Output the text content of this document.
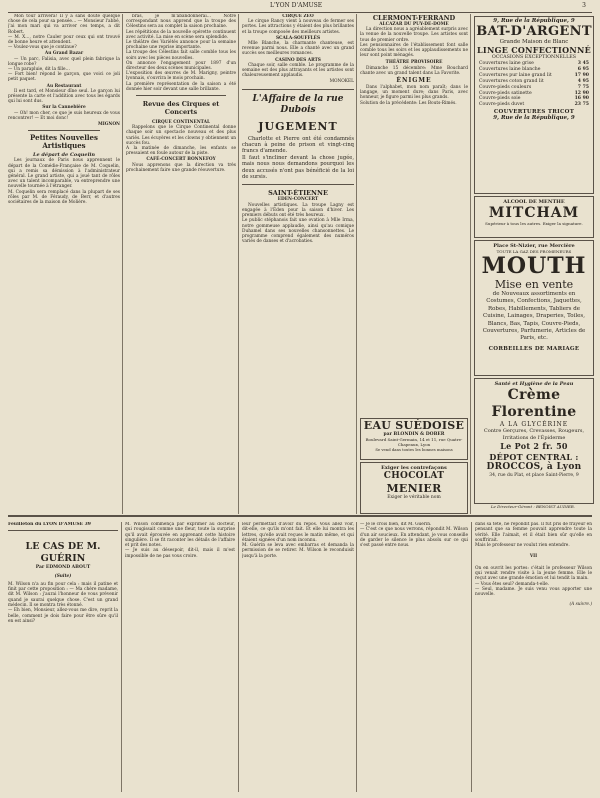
L'YON D'AMUSE	3

Mon tour arrivera! Il y a sans doute quelque chose de cela pour sa pensée… — Monsieur l'abbé, j'ai mon mari qui va arriver ces temps, a dit Robert.
— M. X…, notre Cauler pour ceux qui ont trouvé de bonne heure et attendent.
— Voulez-vous que je continue?

Au Grand Bazar

— Un parc, Falisia, avec quel plein fabrique la longue robe?
— Un parapluie, dit la fille…
— Fort bien! répond le garçon, que voici ce joli petit paquet.

Au Restaurant

Il est tard, et Monsieur dîne seul. Le garçon lui présente la carte et l'addition avec tous les égards qui lui sont dus.

Sur la Cannebière

— Oh! mon cher, ce que je suis heureux de vous rencontrer! — Et moi donc!

MIGNON
Petites Nouvelles Artistiques
Le départ de Coquelin

Les journaux de Paris nous apprennent le départ de la Comédie-Française de M. Coquelin, qui a remis sa démission à l'administrateur général. Le grand artiste, qui a joué tant de rôles avec un talent incomparable, va entreprendre une nouvelle tournée à l'étranger.
M. Coquelin sera remplacé dans la plupart de ses rôles par M. de Féraudy, de Berr, et d'autres sociétaires de la maison de Molière.

bras, je m'abandonnerai… Notre correspondant nous apprend que la troupe des Célestins sera au complet la saison prochaine.
Les répétitions de la nouvelle opérette continuent avec activité. La mise en scène sera splendide.
Le théâtre des Variétés annonce pour la semaine prochaine une reprise importante.
La troupe des Célestins fait salle comble tous les soirs avec les pièces nouvelles.
On annonce l'engagement pour 1897 d'un directeur des deux scènes municipales.
L'exposition des œuvres de M. Marigny, peintre lyonnais, s'ouvrira le mois prochain.
La première représentation de la saison a été donnée hier soir devant une salle brillante.

Revue des Cirques et Concerts
CIRQUE CONTINENTAL

Rappelons que le Cirque Continental donne chaque soir un spectacle nouveau et des plus variés. Les écuyères et les clowns y obtiennent un succès fou.
A la matinée de dimanche, les enfants se pressaient en foule autour de la piste.

CAFÉ-CONCERT BONNEFOY

Nous apprenons que la direction va très prochainement faire une grande réouverture.

CIRQUE ZÉO

Le cirque Rancy vient à nouveau de fermer ses portes. Les attractions y étaient des plus brillantes et la troupe composée des meilleurs artistes.

SCALA-SOUFFLÉS

Mlle Blanche, la charmante chanteuse, est revenue parmi nous. Elle a chanté avec un grand succès ses meilleures romances.

CASINO DES ARTS

Chaque soir, salle comble. Le programme de la semaine est des plus attrayants et les artistes sont chaleureusement applaudis.

MONOKEL
L'Affaire de la rue Dubois
JUGEMENT

Charlotte et Pierre ont été condamnés chacun à peine de prison et vingt-cinq francs d'amende.
Il faut s'incliner devant la chose jugée, mais nous nous demandons pourquoi les deux accusés n'ont pas bénéficié de la loi de sursis.

SAINT-ÉTIENNE
EDEN-CONCERT

Nouvelles artistiques. La troupe Lagny est engagée à l'Éden pour la saison d'hiver. Les premiers débuts ont été très heureux.
Le public stéphanois fait une ovation à Mlle Irma, notre gommeuse applaudie, ainsi qu'au comique Duhamel dans ses nouvelles chansonnettes. Le programme comprend également des numéros variés de danses et d'acrobaties.

CLERMONT-FERRAND
ALCAZAR DU PUY-DE-DOME

La direction nous a agréablement surpris avec la venue de la nouvelle troupe. Les artistes sont tous de premier ordre.
Les pensionnaires de l'établissement font salle comble tous les soirs et les applaudissements ne leur sont point ménagés.

THÉÂTRE PROVISOIRE

Dimanche 15 décembre: Mme Bouchard chante avec un grand talent dans La Favorite.

ÉNIGME

Dans l'alphabet, mon nom paraît; dans le langage, un moment dure; dans Paris, avec honneur, je figure parmi les plus grands.
Solution de la précédente: Les Bouts-Rimés.

EAU SUÉDOISE
par BLONDIN & DOBER
Boulevard Saint-Germain, 14 et 11, rue Quatre-Chapeaux, Lyon
Se vend dans toutes les bonnes maisons
Exiger les contrefaçons
CHOCOLAT
MENIER
Exiger le véritable nom
9, Rue de la République, 9
BAT-D'ARGENT
Grande Maison de Blanc
LINGE CONFECTIONNÉ
OCCASIONS EXCEPTIONNELLES
Couvertures laine grise	3 45
Couvertures laine blanche	6 95
Couvertures pur laine grand lit	17 90
Couvertures coton grand lit	4 95
Couvre-pieds couleurs	7 75
Couvre-pieds satinette	12 90
Couvre-pieds soie	16 90
Couvre-pieds duvet	23 75
COUVERTURES TRICOT
9, Rue de la République, 9
ALCOOL DE MENTHE
MITCHAM
Supérieur à tous les autres. Exiger la signature.
Place St-Nizier, rue Mercière
TOUTE LA GAZ DES PROMENEURS
MOUTH
Mise en vente
de Nouveaux assortiments en Costumes, Confections, Jaquettes, Robes, Habillements, Tabliers de Cuisine, Lainages, Draperies, Toiles, Blancs, Bas, Tapis, Couvre-Pieds, Couvertures, Parfumerie, Articles de Paris, etc.
CORBEILLES DE MARIAGE
Santé et Hygiène de la Peau
Crème Florentine
A LA GLYCÉRINE
Contre Gerçures, Crevasses, Rougeurs, Irritations de l'Épiderme
Le Pot 2 fr. 50
DÉPOT CENTRAL :
DROCCOS, à Lyon
34, rue du Plat, et place Saint-Pierre, 9
Le Directeur-Gérant : BENOIST AUDIER.
Feuilleton du LYON D'AMUSE 39
LE CAS DE M. GUÉRIN
Par EDMOND ABOUT
(Suite)
M. Wilson n'a au fin pour cela : mais il patine et finit par cette proposition : — Ma chère madame, dit M. Wilson : j'aurai l'honneur de vous prévenir quand je saurai quelque chose. C'est un grand médecin. Il se montra très étonné.
— Eh bien, Monsieur, allez-vous me dire, reprit la belle, comment je dois faire pour être sûre qu'il en est ainsi?
M. Wilson commença par exprimer au docteur, qui rougissait comme une fleur, toute la surprise qu'il avait éprouvée en apprenant cette histoire singulière. Il se fit raconter les détails de l'affaire et prit des notes.
— Je suis au désespoir, dit-il, mais il m'est impossible de ne pas vous croire.
leur permettait d'avoir du repos. Vous allez voir, dit-elle, ce qu'ils m'ont fait. Et elle lui montra les lettres, qu'elle avait reçues le matin même, et qui étaient signées d'un nom inconnu.
M. Guérin se leva avec embarras et demanda la permission de se retirer. M. Wilson le reconduisit jusqu'à la porte.
— Je le crois bien, dit M. Guérin.
— C'est ce que nous verrons, répondit M. Wilson d'un air soucieux. En attendant, je vous conseille de garder le silence le plus absolu sur ce qui s'est passé entre nous.
dans sa tête, ne répondit pas. Il fut pris de frayeur en pensant que sa femme pouvait apprendre toute la vérité. Elle l'aimait, et il était bien sûr qu'elle en souffrirait.
Mais le professeur ne voulut rien entendre.
VII
On en ouvrit les portes: c'était le professeur Wilson qui venait rendre visite à la jeune femme. Elle le reçut avec une grande émotion et lui tendit la main.
— Vous êtes seul? demanda-t-elle.
— Seul, madame. Je suis venu vous apporter une nouvelle.
(A suivre.)
